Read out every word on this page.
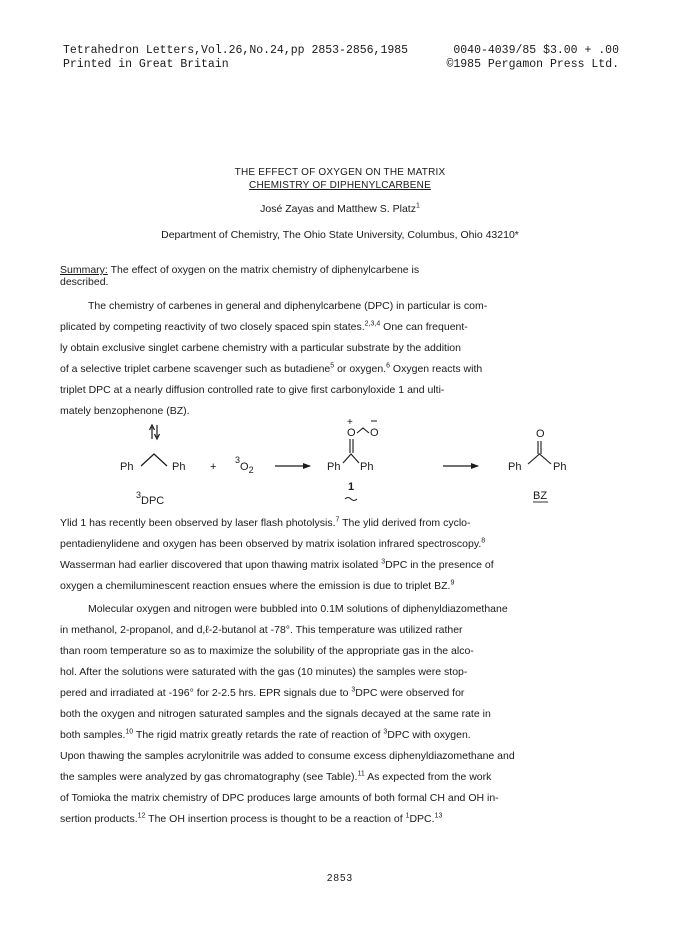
Tetrahedron Letters,Vol.26,No.24,pp 2853-2856,1985	0040-4039/85 $3.00 + .00
Printed in Great Britain	©1985 Pergamon Press Ltd.
THE EFFECT OF OXYGEN ON THE MATRIX
CHEMISTRY OF DIPHENYLCARBENE
José Zayas and Matthew S. Platz$^1$
Department of Chemistry, The Ohio State University, Columbus, Ohio 43210*
Summary: The effect of oxygen on the matrix chemistry of diphenylcarbene is
described.
The chemistry of carbenes in general and diphenylcarbene (DPC) in particular is com-
plicated by competing reactivity of two closely spaced spin states.$^{2,3,4}$ One can frequent-
ly obtain exclusive singlet carbene chemistry with a particular substrate by the addition
of a selective triplet carbene scavenger such as butadiene$^5$ or oxygen.$^6$ Oxygen reacts with
triplet DPC at a nearly diffusion controlled rate to give first carbonyloxide 1 and ulti-
mately benzophenone (BZ).
Ph	Ph
$^3$DPC
+
$^3O_2$
+
O O
Ph Ph
1
O
Ph	Ph
BZ
Ylid 1 has recently been observed by laser flash photolysis.$^7$ The ylid derived from cyclo-
pentadienylidene and oxygen has been observed by matrix isolation infrared spectroscopy.$^8$
Wasserman had earlier discovered that upon thawing matrix isolated $^3$DPC in the presence of
oxygen a chemiluminescent reaction ensues where the emission is due to triplet BZ.$^9$
Molecular oxygen and nitrogen were bubbled into 0.1M solutions of diphenyldiazomethane
in methanol, 2-propanol, and d,ℓ-2-butanol at -78°. This temperature was utilized rather
than room temperature so as to maximize the solubility of the appropriate gas in the alco-
hol. After the solutions were saturated with the gas (10 minutes) the samples were stop-
pered and irradiated at -196° for 2-2.5 hrs. EPR signals due to $^3$DPC were observed for
both the oxygen and nitrogen saturated samples and the signals decayed at the same rate in
both samples.$^{10}$ The rigid matrix greatly retards the rate of reaction of $^3$DPC with oxygen.
Upon thawing the samples acrylonitrile was added to consume excess diphenyldiazomethane and
the samples were analyzed by gas chromatography (see Table).$^{11}$ As expected from the work
of Tomioka the matrix chemistry of DPC produces large amounts of both formal CH and OH in-
sertion products.$^{12}$ The OH insertion process is thought to be a reaction of $^1$DPC.$^{13}$
2853
